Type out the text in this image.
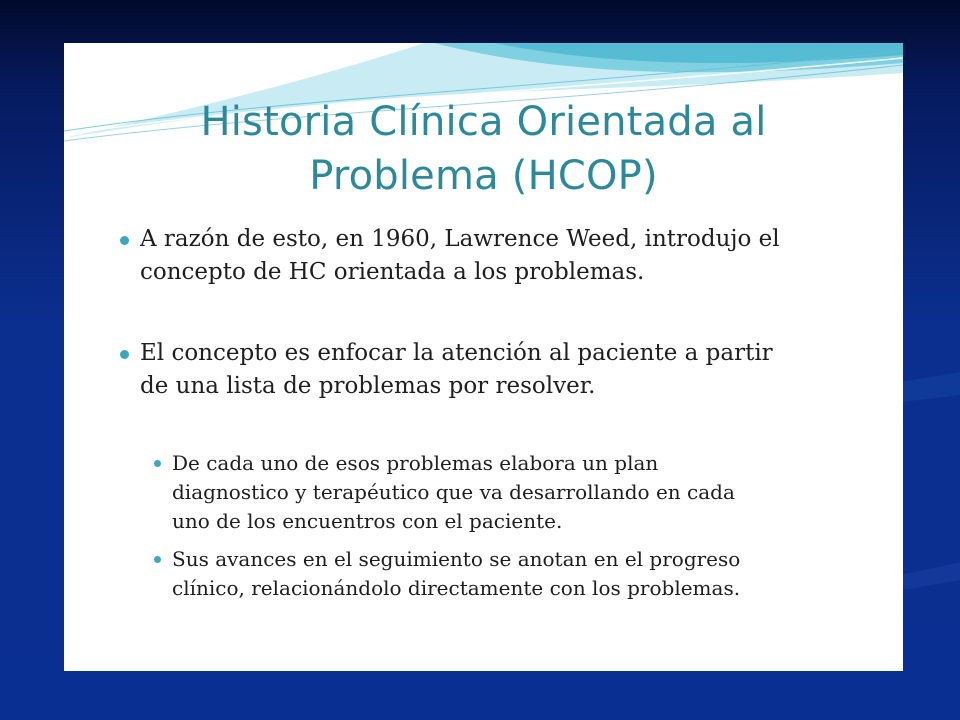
Historia Clínica Orientada al
Problema (HCOP)
A razón de esto, en 1960, Lawrence Weed, introdujo el
concepto de HC orientada a los problemas.
El concepto es enfocar la atención al paciente a partir
de una lista de problemas por resolver.
De cada uno de esos problemas elabora un plan
diagnostico y terapéutico que va desarrollando en cada
uno de los encuentros con el paciente.
Sus avances en el seguimiento se anotan en el progreso
clínico, relacionándolo directamente con los problemas.
